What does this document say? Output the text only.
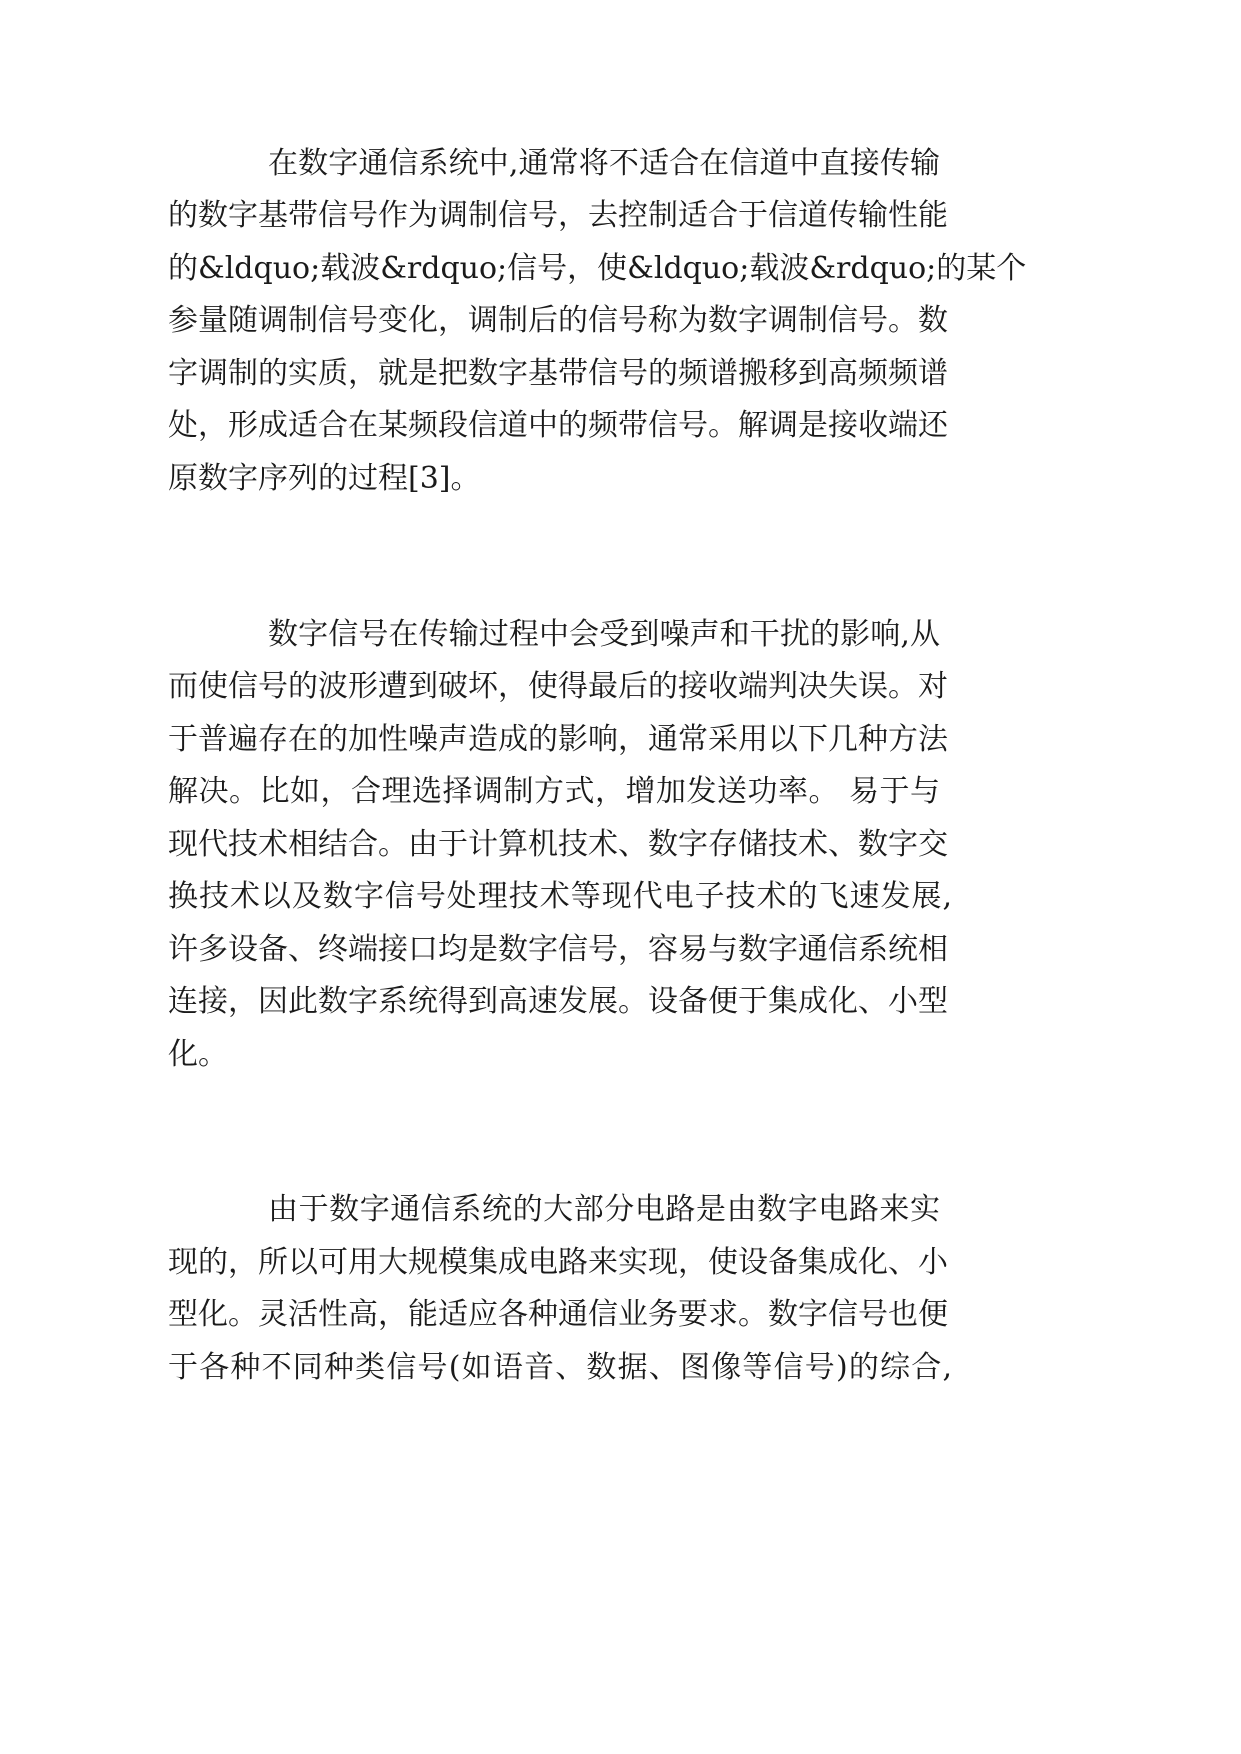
在数字通信系统中,通常将不适合在信道中直接传输
的数字基带信号作为调制信号，去控制适合于信道传输性能
的&ldquo;载波&rdquo;信号，使&ldquo;载波&rdquo;的某个
参量随调制信号变化，调制后的信号称为数字调制信号。数
字调制的实质，就是把数字基带信号的频谱搬移到高频频谱
处，形成适合在某频段信道中的频带信号。解调是接收端还
原数字序列的过程[3]。
数字信号在传输过程中会受到噪声和干扰的影响,从
而使信号的波形遭到破坏，使得最后的接收端判决失误。对
于普遍存在的加性噪声造成的影响，通常采用以下几种方法
解决。比如，合理选择调制方式，增加发送功率。 易于与
现代技术相结合。由于计算机技术、数字存储技术、数字交
换技术以及数字信号处理技术等现代电子技术的飞速发展,
许多设备、终端接口均是数字信号，容易与数字通信系统相
连接，因此数字系统得到高速发展。设备便于集成化、小型
化。
由于数字通信系统的大部分电路是由数字电路来实
现的，所以可用大规模集成电路来实现，使设备集成化、小
型化。灵活性高，能适应各种通信业务要求。数字信号也便
于各种不同种类信号(如语音、数据、图像等信号)的综合,
